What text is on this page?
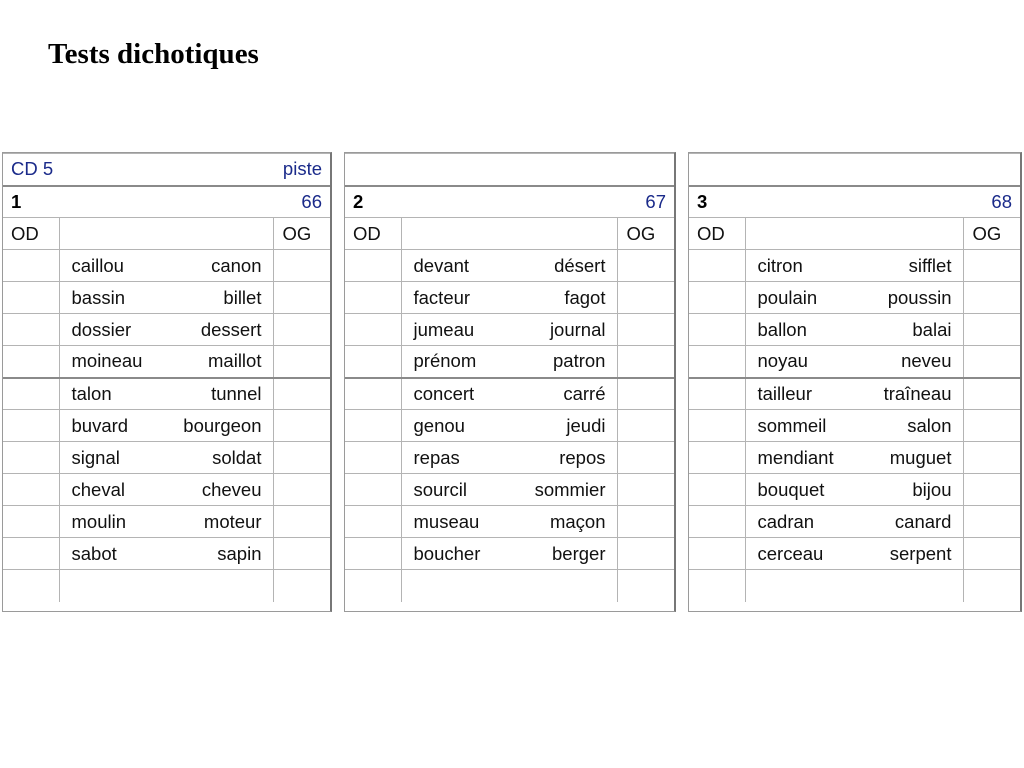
Tests dichotiques
CD 5 piste		

1 66		

OD		OG

	caillou canon	

	bassin billet	

	dossier dessert	

	moineau maillot	

	talon tunnel	

	buvard bourgeon	

	signal soldat	

	cheval cheveu	

	moulin moteur	

	sabot sapin	

2 67		

OD		OG

	devant désert	

	facteur fagot	

	jumeau journal	

	prénom patron	

	concert carré	

	genou jeudi	

	repas repos	

	sourcil sommier	

	museau maçon	

	boucher berger	

3 68		

OD		OG

	citron sifflet	

	poulain poussin	

	ballon balai	

	noyau neveu	

	tailleur traîneau	

	sommeil salon	

	mendiant muguet	

	bouquet bijou	

	cadran canard	

	cerceau serpent	
